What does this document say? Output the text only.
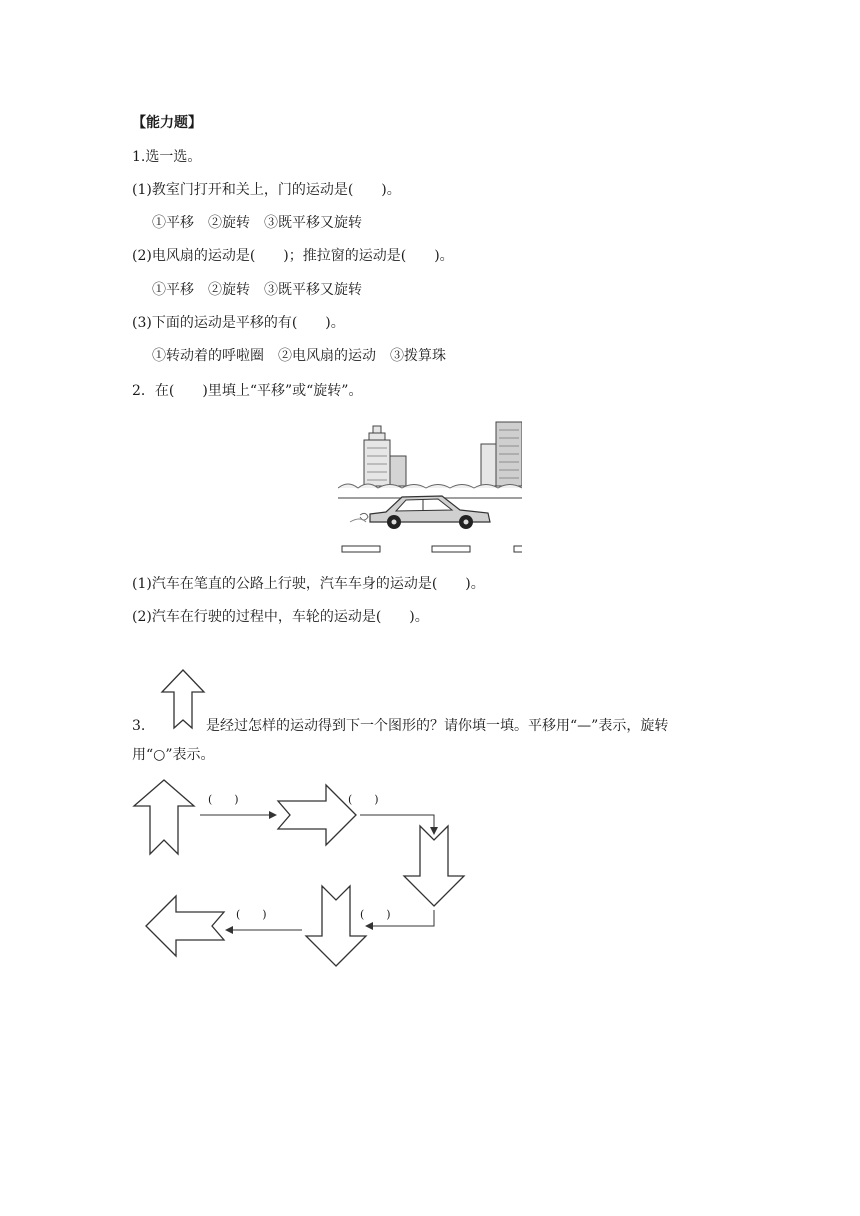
【能力题】
1.选一选。
(1)教室门打开和关上，门的运动是(　　)。
①平移　②旋转　③既平移又旋转
(2)电风扇的运动是(　　)；推拉窗的运动是(　　)。
①平移　②旋转　③既平移又旋转
(3)下面的运动是平移的有(　　)。
①转动着的呼啦圈　②电风扇的运动　③拨算珠
2．在(　　)里填上“平移”或“旋转”。
(1)汽车在笔直的公路上行驶，汽车车身的运动是(　　)。
(2)汽车在行驶的过程中，车轮的运动是(　　)。
3.	是经过怎样的运动得到下一个图形的？请你填一填。平移用“—”表示，旋转
用“○”表示。
(　　)	(　　)
(　　)
(　　)
